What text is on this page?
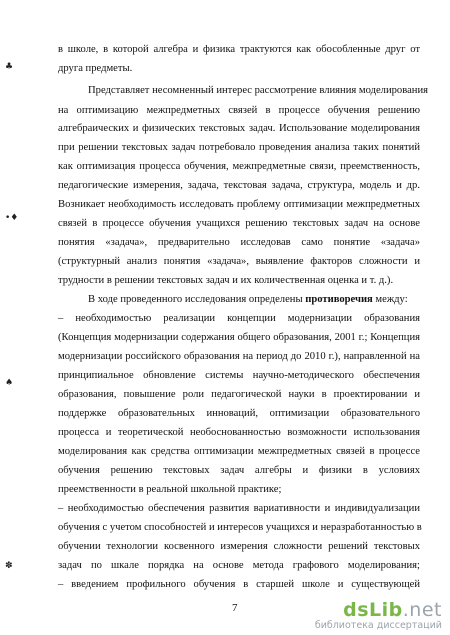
♣
•♦
♠
✽
в школе, в которой алгебра и физика трактуются как обособленные друг от
друга предметы.
Представляет несомненный интерес рассмотрение влияния моделирования
на оптимизацию межпредметных связей в процессе обучения решению
алгебраических и физических текстовых задач. Использование моделирования
при решении текстовых задач потребовало проведения анализа таких понятий
как оптимизация процесса обучения, межпредметные связи, преемственность,
педагогические измерения, задача, текстовая задача, структура, модель и др.
Возникает необходимость исследовать проблему оптимизации межпредметных
связей в процессе обучения учащихся решению текстовых задач на основе
понятия «задача», предварительно исследовав само понятие «задача»
(структурный анализ понятия «задача», выявление факторов сложности и
трудности в решении текстовых задач и их количественная оценка и т. д.).
В ходе проведенного исследования определены противоречия между:
– необходимостью реализации концепции модернизации образования
(Концепция модернизации содержания общего образования, 2001 г.; Концепция
модернизации российского образования на период до 2010 г.), направленной на
принципиальное обновление системы научно-методического обеспечения
образования, повышение роли педагогической науки в проектировании и
поддержке образовательных инноваций, оптимизации образовательного
процесса и теоретической необоснованностью возможности использования
моделирования как средства оптимизации межпредметных связей в процессе
обучения решению текстовых задач алгебры и физики в условиях
преемственности в реальной школьной практике;
– необходимостью обеспечения развития вариативности и индивидуализации
обучения с учетом способностей и интересов учащихся и неразработанностью в
обучении технологии косвенного измерения сложности решений текстовых
задач по шкале порядка на основе метода графового моделирования;
– введением профильного обучения в старшей школе и существующей
7	dsLib.net
библиотека диссертаций
